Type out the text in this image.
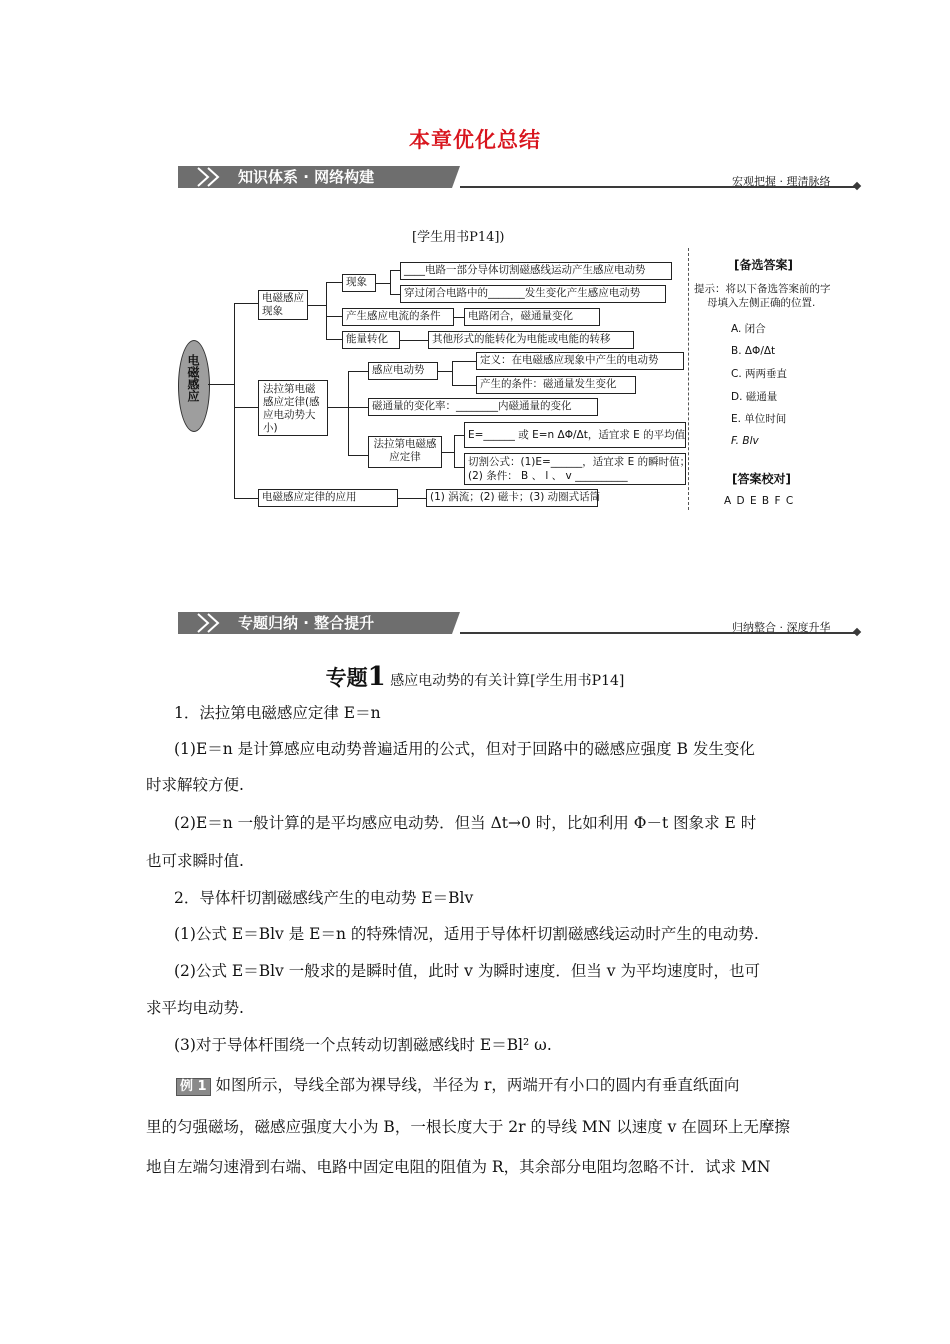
本章优化总结
知识体系 · 网络构建	宏观把握 · 理清脉络
[学生用书P14])
电磁感应
电磁感应现象
现象
____电路一部分导体切割磁感线运动产生感应电动势
穿过闭合电路中的_______发生变化产生感应电动势
产生感应电流的条件	电路闭合，磁通量变化
能量转化	其他形式的能转化为电能或电能的转移
法拉第电磁感应定律(感应电动势大小)
感应电动势
定义：在电磁感应现象中产生的电动势
产生的条件：磁通量发生变化
磁通量的变化率：________内磁通量的变化
法拉第电磁感应定律
E=______ 或 E=n ΔΦ/Δt，适宜求 E 的平均值
切割公式：(1)E=______，适宜求 E 的瞬时值；
(2) 条件： B 、 l 、 v __________
电磁感应定律的应用	(1) 涡流；(2) 磁卡；(3) 动圈式话筒
[备选答案]
提示：将以下备选答案前的字
母填入左侧正确的位置.
A. 闭合
B. ΔΦ/Δt
C. 两两垂直
D. 磁通量
E. 单位时间
F. Blv
[答案校对]
A D E B F C
专题归纳 · 整合提升	归纳整合 · 深度升华
专题1 感应电动势的有关计算[学生用书P14]
1．法拉第电磁感应定律 E＝n
(1)E＝n 是计算感应电动势普遍适用的公式，但对于回路中的磁感应强度 B 发生变化
时求解较方便.
(2)E＝n 一般计算的是平均感应电动势．但当 Δt→0 时，比如利用 Φ－t 图象求 E 时
也可求瞬时值.
2．导体杆切割磁感线产生的电动势 E＝Blv
(1)公式 E＝Blv 是 E＝n 的特殊情况，适用于导体杆切割磁感线运动时产生的电动势.
(2)公式 E＝Blv 一般求的是瞬时值，此时 v 为瞬时速度．但当 v 为平均速度时，也可
求平均电动势.
(3)对于导体杆围绕一个点转动切割磁感线时 E＝Bl² ω.
例 1 如图所示，导线全部为裸导线，半径为 r，两端开有小口的圆内有垂直纸面向
里的匀强磁场，磁感应强度大小为 B，一根长度大于 2r 的导线 MN 以速度 v 在圆环上无摩擦
地自左端匀速滑到右端、电路中固定电阻的阻值为 R，其余部分电阻均忽略不计．试求 MN
